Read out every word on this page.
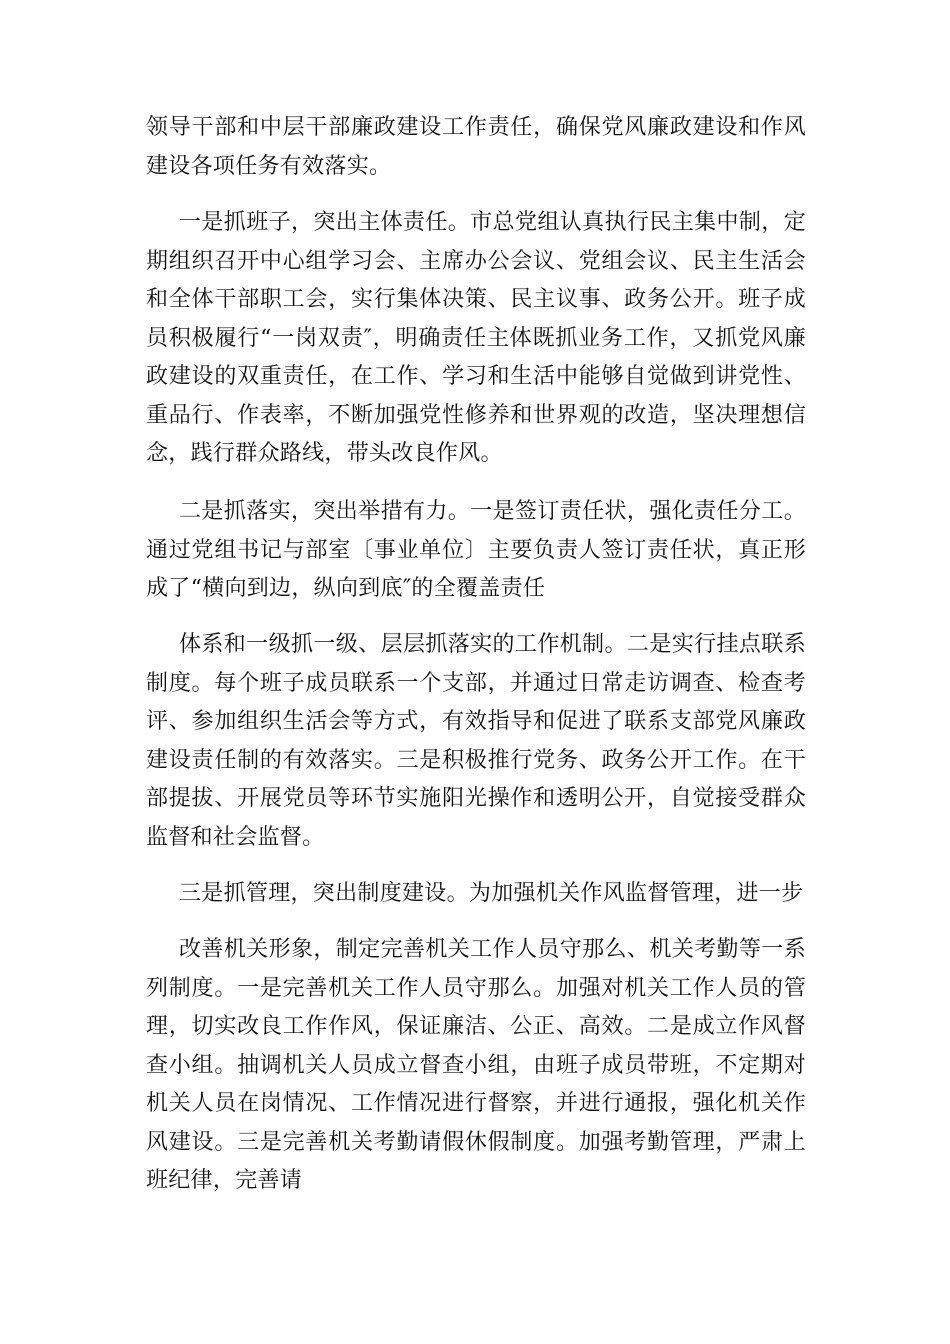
领导干部和中层干部廉政建设工作责任，确保党风廉政建设和作风建设各项任务有效落实。

一是抓班子，突出主体责任。市总党组认真执行民主集中制，定期组织召开中心组学习会、主席办公会议、党组会议、民主生活会和全体干部职工会，实行集体决策、民主议事、政务公开。班子成员积极履行“一岗双责″，明确责任主体既抓业务工作，又抓党风廉政建设的双重责任，在工作、学习和生活中能够自觉做到讲党性、重品行、作表率，不断加强党性修养和世界观的改造，坚决理想信念，践行群众路线，带头改良作风。

二是抓落实，突出举措有力。一是签订责任状，强化责任分工。通过党组书记与部室〔事业单位〕主要负责人签订责任状，真正形成了“横向到边，纵向到底″的全覆盖责任

体系和一级抓一级、层层抓落实的工作机制。二是实行挂点联系制度。每个班子成员联系一个支部，并通过日常走访调查、检查考评、参加组织生活会等方式，有效指导和促进了联系支部党风廉政建设责任制的有效落实。三是积极推行党务、政务公开工作。在干部提拔、开展党员等环节实施阳光操作和透明公开，自觉接受群众监督和社会监督。

三是抓管理，突出制度建设。为加强机关作风监督管理，进一步

改善机关形象，制定完善机关工作人员守那么、机关考勤等一系列制度。一是完善机关工作人员守那么。加强对机关工作人员的管理，切实改良工作作风，保证廉洁、公正、高效。二是成立作风督查小组。抽调机关人员成立督查小组，由班子成员带班，不定期对机关人员在岗情况、工作情况进行督察，并进行通报，强化机关作风建设。三是完善机关考勤请假休假制度。加强考勤管理，严肃上班纪律，完善请
